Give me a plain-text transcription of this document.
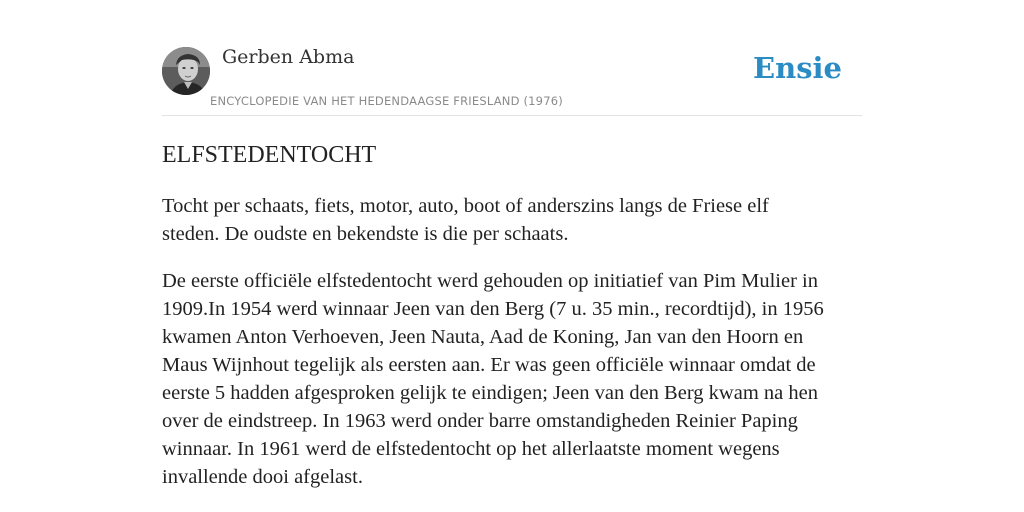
Gerben Abma
ENCYCLOPEDIE VAN HET HEDENDAAGSE FRIESLAND (1976)
Ensie
ELFSTEDENTOCHT

Tocht per schaats, fiets, motor, auto, boot of anderszins langs de Friese elf
steden. De oudste en bekendste is die per schaats.

De eerste officiële elfstedentocht werd gehouden op initiatief van Pim Mulier in
1909.In 1954 werd winnaar Jeen van den Berg (7 u. 35 min., recordtijd), in 1956
kwamen Anton Verhoeven, Jeen Nauta, Aad de Koning, Jan van den Hoorn en
Maus Wijnhout tegelijk als eersten aan. Er was geen officiële winnaar omdat de
eerste 5 hadden afgesproken gelijk te eindigen; Jeen van den Berg kwam na hen
over de eindstreep. In 1963 werd onder barre omstandigheden Reinier Paping
winnaar. In 1961 werd de elfstedentocht op het allerlaatste moment wegens
invallende dooi afgelast.
